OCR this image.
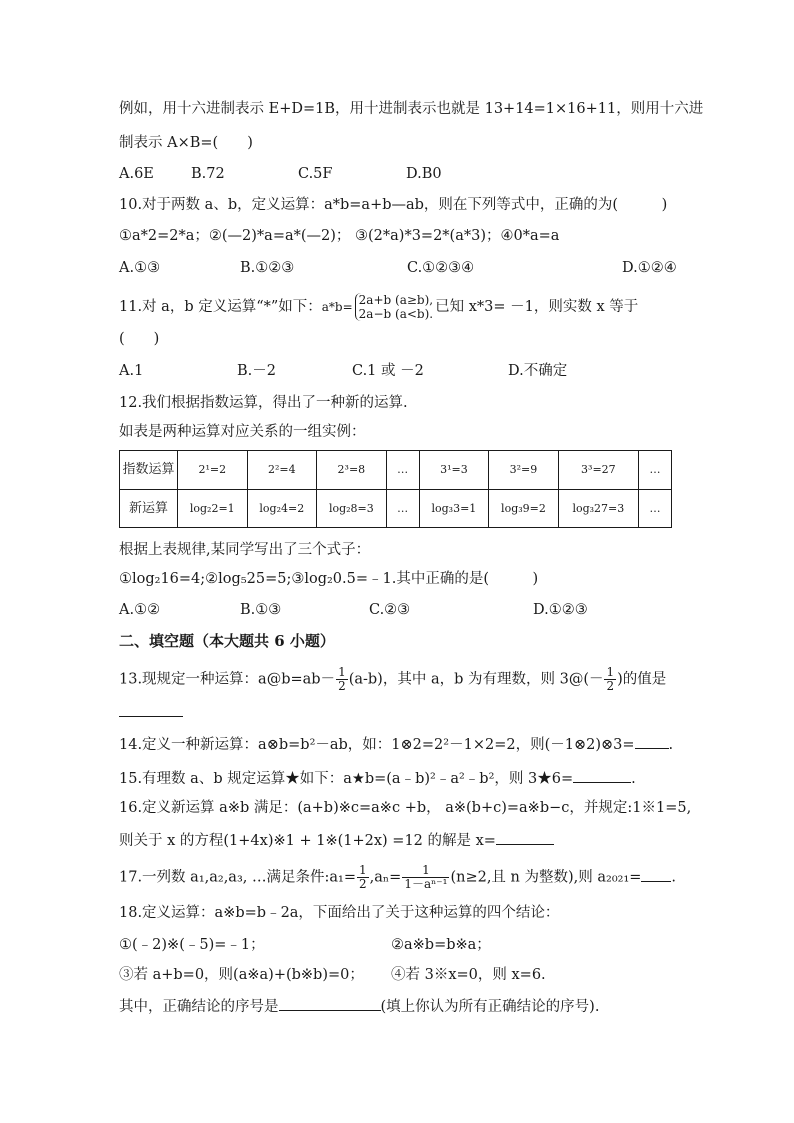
例如，用十六进制表示 E+D=1B，用十进制表示也就是 13+14=1×16+11，则用十六进
制表示 A×B=(　　)
A.6E	B.72	C.5F	D.B0
10.对于两数 a、b，定义运算：a*b=a+b—ab，则在下列等式中，正确的为(　　　)
①a*2=2*a；②(—2)*a=a*(—2)； ③(2*a)*3=2*(a*3)；④0*a=a
A.①③	B.①②③	C.①②③④	D.①②④
11.对 a，b 定义运算“*”如下：a*b= 2a+b (a≥b),
2a−b (a<b). 已知 x*3= －1，则实数 x 等于
(　　)
A.1	B.－2	C.1 或 －2	D.不确定
12.我们根据指数运算，得出了一种新的运算.
如表是两种运算对应关系的一组实例：
指数运算	2¹=2	2²=4	2³=8	…	3¹=3	3²=9	3³=27	…
新运算	log₂2=1	log₂4=2	log₂8=3	…	log₃3=1	log₃9=2	log₃27=3	…
根据上表规律,某同学写出了三个式子：
①log₂16=4;②log₅25=5;③log₂0.5=﹣1.其中正确的是(　　　)
A.①②	B.①③	C.②③	D.①②③
二、填空题（本大题共 6 小题）
13.现规定一种运算：a@b=ab－ $\frac{1}{2} (a-b)$，其中 a，b 为有理数，则 3@(－ $\frac{1}{2}$ )的值是
14.定义一种新运算：a⊗b=b²－ab，如：1⊗2=2²－1×2=2，则(－1⊗2)⊗3= .
15.有理数 a、b 规定运算★如下：a★b=(a﹣b)²﹣a²﹣b²，则 3★6=	.
16.定义新运算 a※b 满足：(a+b)※c=a※c +b， a※(b+c)=a※b−c，并规定:1※1=5,
则关于 x 的方程(1+4x)※1 + 1※(1+2x) =12 的解是 x=
17.一列数 a₁,a₂,a₃, …满足条件:a₁= $\frac{1}{2} ,a_n= \frac{1}{\text{1－aⁿ⁻¹}} (n\ge 2$,且 n 为整数),则 a₂₀₂₁= .
18.定义运算：a※b=b﹣2a，下面给出了关于这种运算的四个结论：
①(﹣2)※(﹣5)=﹣1；	②a※b=b※a；
③若 a+b=0，则(a※a)+(b※b)=0； ④若 3※x=0，则 x=6.
其中，正确结论的序号是	(填上你认为所有正确结论的序号).
